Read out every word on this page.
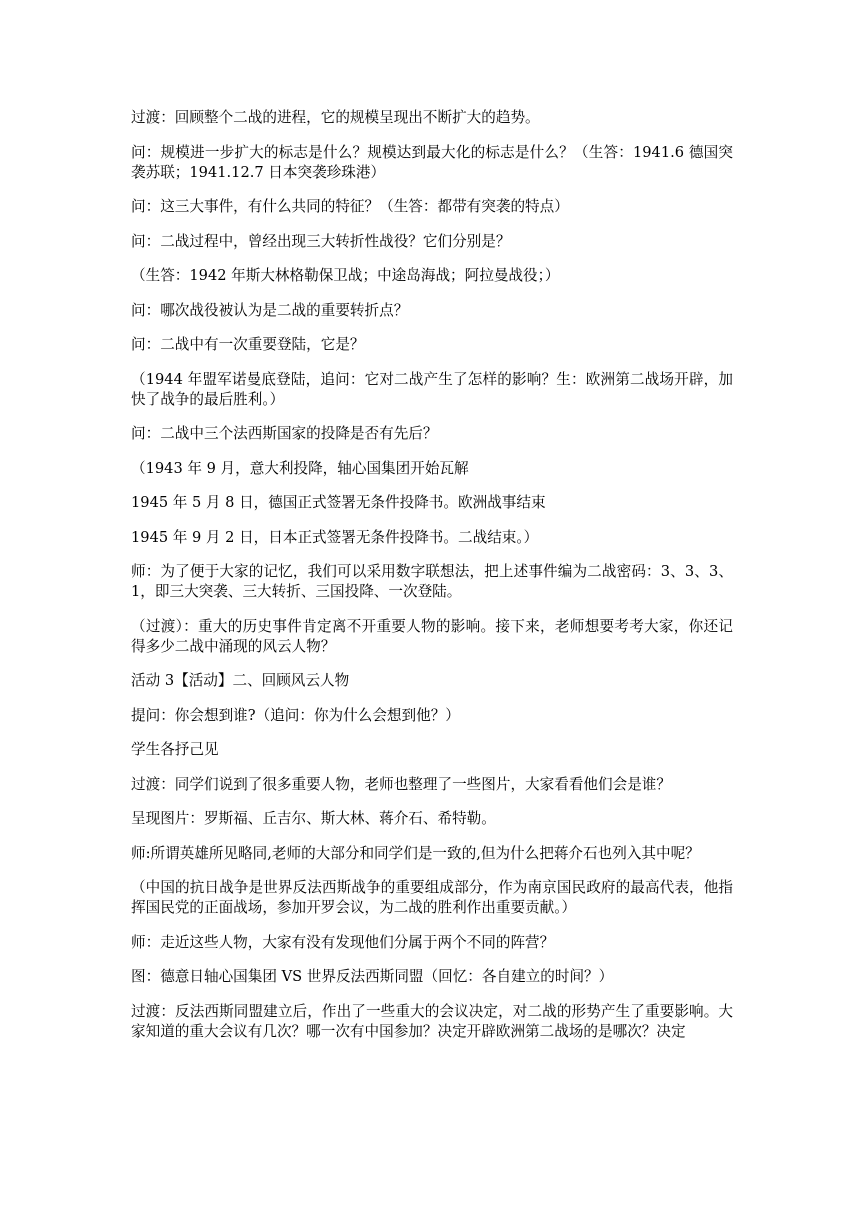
过渡：回顾整个二战的进程，它的规模呈现出不断扩大的趋势。

问：规模进一步扩大的标志是什么？规模达到最大化的标志是什么？（生答：1941.6 德国突袭苏联；1941.12.7 日本突袭珍珠港）

问：这三大事件，有什么共同的特征？（生答：都带有突袭的特点）

问：二战过程中，曾经出现三大转折性战役？它们分别是？

（生答：1942 年斯大林格勒保卫战；中途岛海战；阿拉曼战役；）

问：哪次战役被认为是二战的重要转折点？

问：二战中有一次重要登陆，它是？

（1944 年盟军诺曼底登陆，追问：它对二战产生了怎样的影响？生：欧洲第二战场开辟，加快了战争的最后胜利。）

问：二战中三个法西斯国家的投降是否有先后？

（1943 年 9 月，意大利投降，轴心国集团开始瓦解

1945 年 5 月 8 日，德国正式签署无条件投降书。欧洲战事结束

1945 年 9 月 2 日，日本正式签署无条件投降书。二战结束。）

师：为了便于大家的记忆，我们可以采用数字联想法，把上述事件编为二战密码：3、3、3、1，即三大突袭、三大转折、三国投降、一次登陆。

（过渡）：重大的历史事件肯定离不开重要人物的影响。接下来，老师想要考考大家，你还记得多少二战中涌现的风云人物？

活动 3【活动】二、回顾风云人物

提问：你会想到谁?（追问：你为什么会想到他？）

学生各抒己见

过渡：同学们说到了很多重要人物，老师也整理了一些图片，大家看看他们会是谁？

呈现图片：罗斯福、丘吉尔、斯大林、蒋介石、希特勒。

师:所谓英雄所见略同,老师的大部分和同学们是一致的,但为什么把蒋介石也列入其中呢？

（中国的抗日战争是世界反法西斯战争的重要组成部分，作为南京国民政府的最高代表，他指挥国民党的正面战场，参加开罗会议，为二战的胜利作出重要贡献。）

师：走近这些人物，大家有没有发现他们分属于两个不同的阵营？

图：德意日轴心国集团 VS 世界反法西斯同盟（回忆：各自建立的时间？）

过渡：反法西斯同盟建立后，作出了一些重大的会议决定，对二战的形势产生了重要影响。大家知道的重大会议有几次？哪一次有中国参加？决定开辟欧洲第二战场的是哪次？决定
